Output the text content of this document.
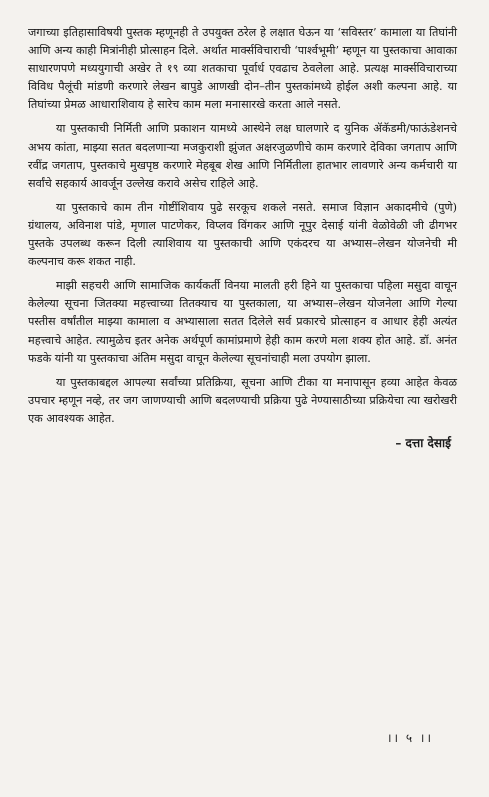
जगाच्या इतिहासाविषयी पुस्तक म्हणूनही ते उपयुक्त ठरेल हे लक्षात घेऊन या ‘सविस्तर’ कामाला या तिघांनी आणि अन्य काही मित्रांनीही प्रोत्साहन दिले. अर्थात मार्क्सविचाराची ‘पार्श्वभूमी’ म्हणून या पुस्तकाचा आवाका साधारणपणे मध्ययुगाची अखेर ते १९ व्या शतकाचा पूर्वार्ध एवढाच ठेवलेला आहे. प्रत्यक्ष मार्क्सविचाराच्या विविध पैलूंची मांडणी करणारे लेखन बापुडे आणखी दोन–तीन पुस्तकांमध्ये होईल अशी कल्पना आहे. या तिघांच्या प्रेमळ आधाराशिवाय हे सारेच काम मला मनासारखे करता आले नसते.

या पुस्तकाची निर्मिती आणि प्रकाशन यामध्ये आस्थेने लक्ष घालणारे द युनिक ॲकॅडमी/फाऊंडेशनचे अभय कांता, माझ्या सतत बदलणाऱ्या मजकुराशी झुंजत अक्षरजुळणीचे काम करणारे देविका जगताप आणि रवींद्र जगताप, पुस्तकाचे मुखपृष्ठ करणारे मेहबूब शेख आणि निर्मितीला हातभार लावणारे अन्य कर्मचारी या सर्वांचे सहकार्य आवर्जून उल्लेख करावे असेच राहिले आहे.

या पुस्तकाचे काम तीन गोष्टींशिवाय पुढे सरकूच शकले नसते. समाज विज्ञान अकादमीचे (पुणे) ग्रंथालय, अविनाश पांडे, मृणाल पाटणेकर, विप्लव विंगकर आणि नूपुर देसाई यांनी वेळोवेळी जी ढीगभर पुस्तके उपलब्ध करून दिली त्याशिवाय या पुस्तकाची आणि एकंदरच या अभ्यास–लेखन योजनेची मी कल्पनाच करू शकत नाही.

माझी सहचरी आणि सामाजिक कार्यकर्ती विनया मालती हरी हिने या पुस्तकाचा पहिला मसुदा वाचून केलेल्या सूचना जितक्या महत्त्वाच्या तितक्याच या पुस्तकाला, या अभ्यास–लेखन योजनेला आणि गेल्या पस्तीस वर्षांतील माझ्या कामाला व अभ्यासाला सतत दिलेले सर्व प्रकारचे प्रोत्साहन व आधार हेही अत्यंत महत्त्वाचे आहेत. त्यामुळेच इतर अनेक अर्थपूर्ण कामांप्रमाणे हेही काम करणे मला शक्य होत आहे. डॉ. अनंत फडके यांनी या पुस्तकाचा अंतिम मसुदा वाचून केलेल्या सूचनांचाही मला उपयोग झाला.

या पुस्तकाबद्दल आपल्या सर्वांच्या प्रतिक्रिया, सूचना आणि टीका या मनापासून हव्या आहेत केवळ उपचार म्हणून नव्हे, तर जग जाणण्याची आणि बदलण्याची प्रक्रिया पुढे नेण्यासाठीच्या प्रक्रियेचा त्या खरोखरी एक आवश्यक आहेत.

– दत्ता देसाई

।। ५ ।।
